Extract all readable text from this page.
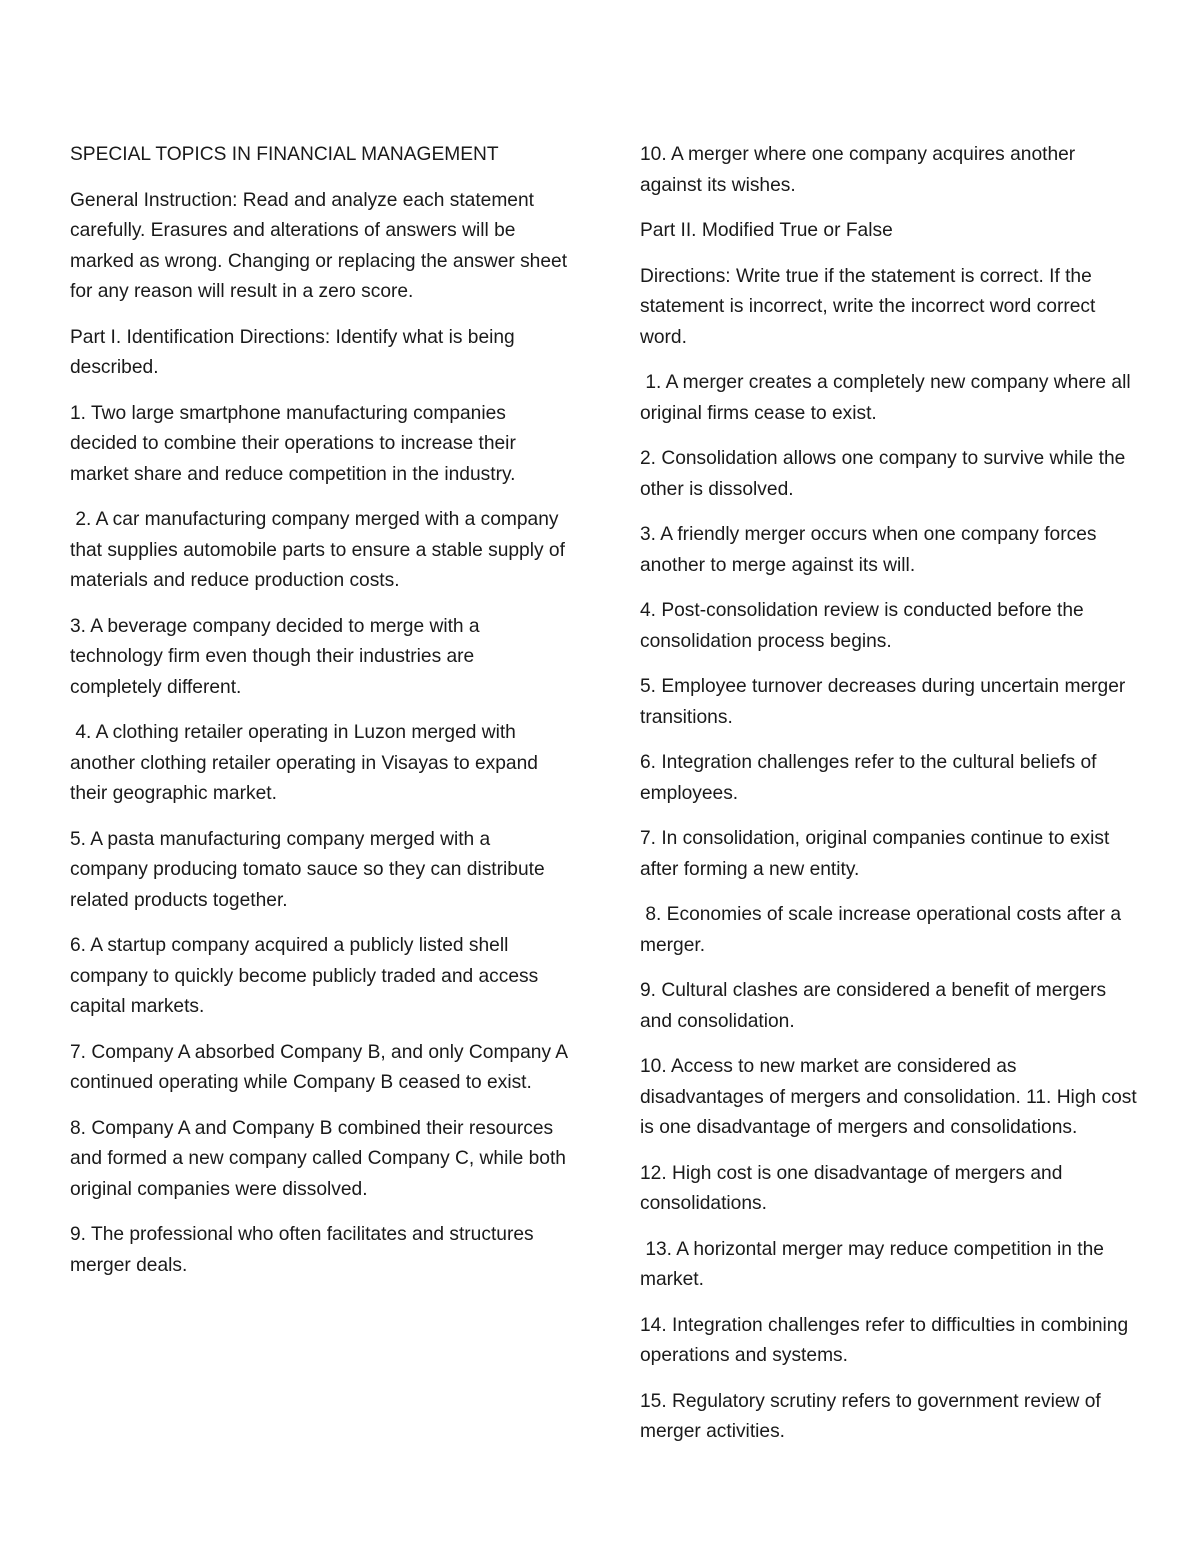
SPECIAL TOPICS IN FINANCIAL MANAGEMENT

General Instruction: Read and analyze each statement carefully. Erasures and alterations of answers will be marked as wrong. Changing or replacing the answer sheet for any reason will result in a zero score.

Part I. Identification Directions: Identify what is being described.

1. Two large smartphone manufacturing companies decided to combine their operations to increase their market share and reduce competition in the industry.

2. A car manufacturing company merged with a company that supplies automobile parts to ensure a stable supply of materials and reduce production costs.

3. A beverage company decided to merge with a technology firm even though their industries are completely different.

4. A clothing retailer operating in Luzon merged with another clothing retailer operating in Visayas to expand their geographic market.

5. A pasta manufacturing company merged with a company producing tomato sauce so they can distribute related products together.

6. A startup company acquired a publicly listed shell company to quickly become publicly traded and access capital markets.

7. Company A absorbed Company B, and only Company A continued operating while Company B ceased to exist.

8. Company A and Company B combined their resources and formed a new company called Company C, while both original companies were dissolved.

9. The professional who often facilitates and structures merger deals.

10. A merger where one company acquires another against its wishes.

Part II. Modified True or False

Directions: Write true if the statement is correct. If the statement is incorrect, write the incorrect word correct word.

1. A merger creates a completely new company where all original firms cease to exist.

2. Consolidation allows one company to survive while the other is dissolved.

3. A friendly merger occurs when one company forces another to merge against its will.

4. Post-consolidation review is conducted before the consolidation process begins.

5. Employee turnover decreases during uncertain merger transitions.

6. Integration challenges refer to the cultural beliefs of employees.

7. In consolidation, original companies continue to exist after forming a new entity.

8. Economies of scale increase operational costs after a merger.

9. Cultural clashes are considered a benefit of mergers and consolidation.

10. Access to new market are considered as disadvantages of mergers and consolidation. 11. High cost is one disadvantage of mergers and consolidations.

12. High cost is one disadvantage of mergers and consolidations.

13. A horizontal merger may reduce competition in the market.

14. Integration challenges refer to difficulties in combining operations and systems.

15. Regulatory scrutiny refers to government review of merger activities.
